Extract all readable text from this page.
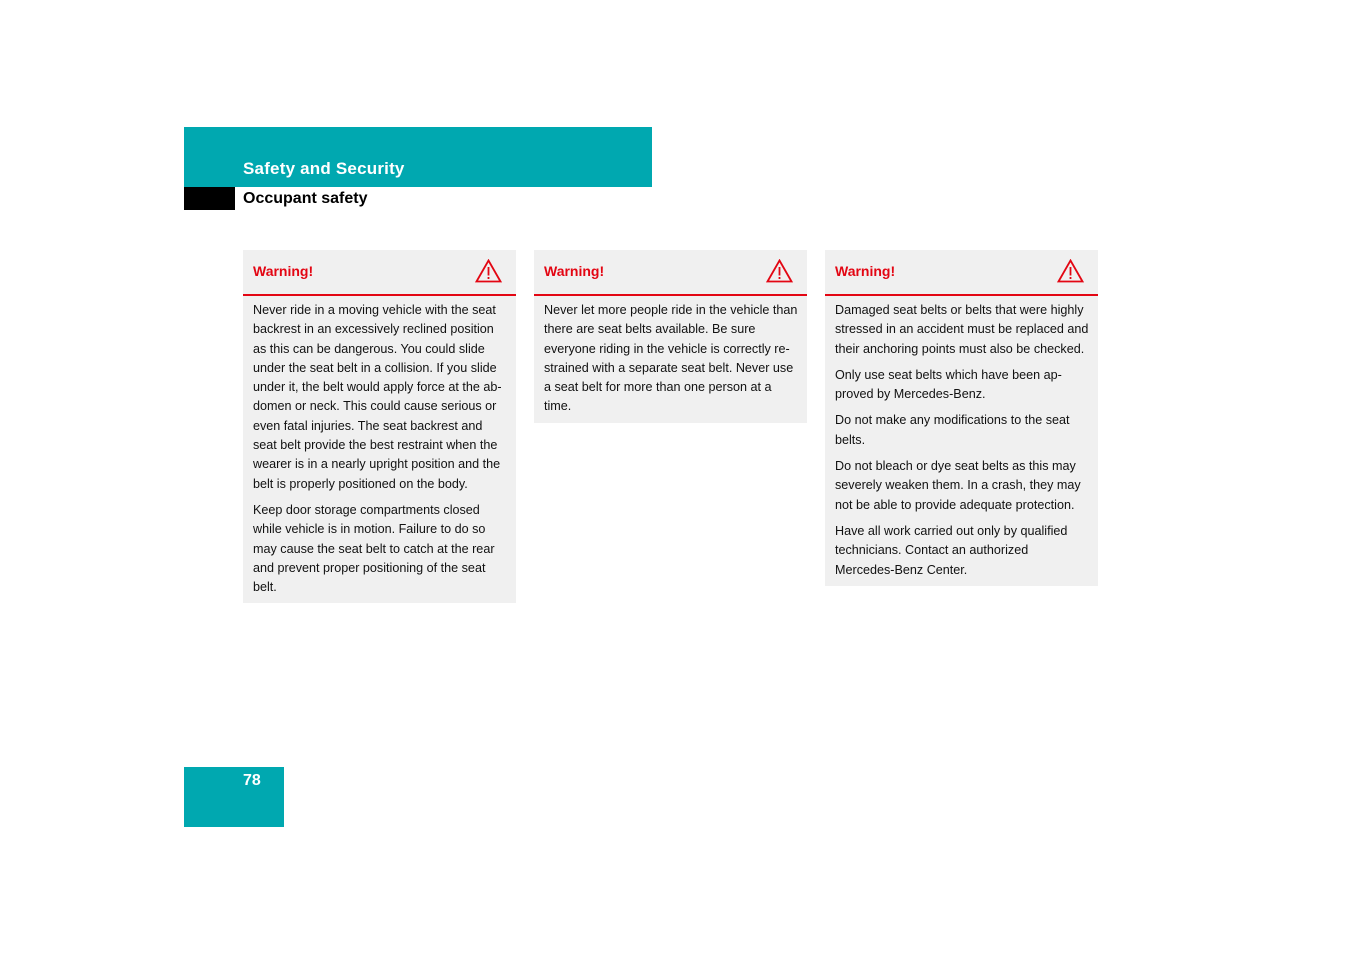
Safety and Security
Occupant safety
Warning!

Never ride in a moving vehicle with the seat backrest in an excessively reclined position as this can be dangerous. You could slide under the seat belt in a collision. If you slide under it, the belt would apply force at the ab-domen or neck. This could cause serious or even fatal injuries. The seat backrest and seat belt provide the best restraint when the wearer is in a nearly upright position and the belt is properly positioned on the body.

Keep door storage compartments closed while vehicle is in motion. Failure to do so may cause the seat belt to catch at the rear and prevent proper positioning of the seat belt.

Warning!

Never let more people ride in the vehicle than there are seat belts available. Be sure everyone riding in the vehicle is correctly re-strained with a separate seat belt. Never use a seat belt for more than one person at a time.

Warning!

Damaged seat belts or belts that were highly stressed in an accident must be replaced and their anchoring points must also be checked.

Only use seat belts which have been ap-proved by Mercedes-Benz.

Do not make any modifications to the seat belts.

Do not bleach or dye seat belts as this may severely weaken them. In a crash, they may not be able to provide adequate protection.

Have all work carried out only by qualified technicians. Contact an authorized Mercedes-Benz Center.

78
